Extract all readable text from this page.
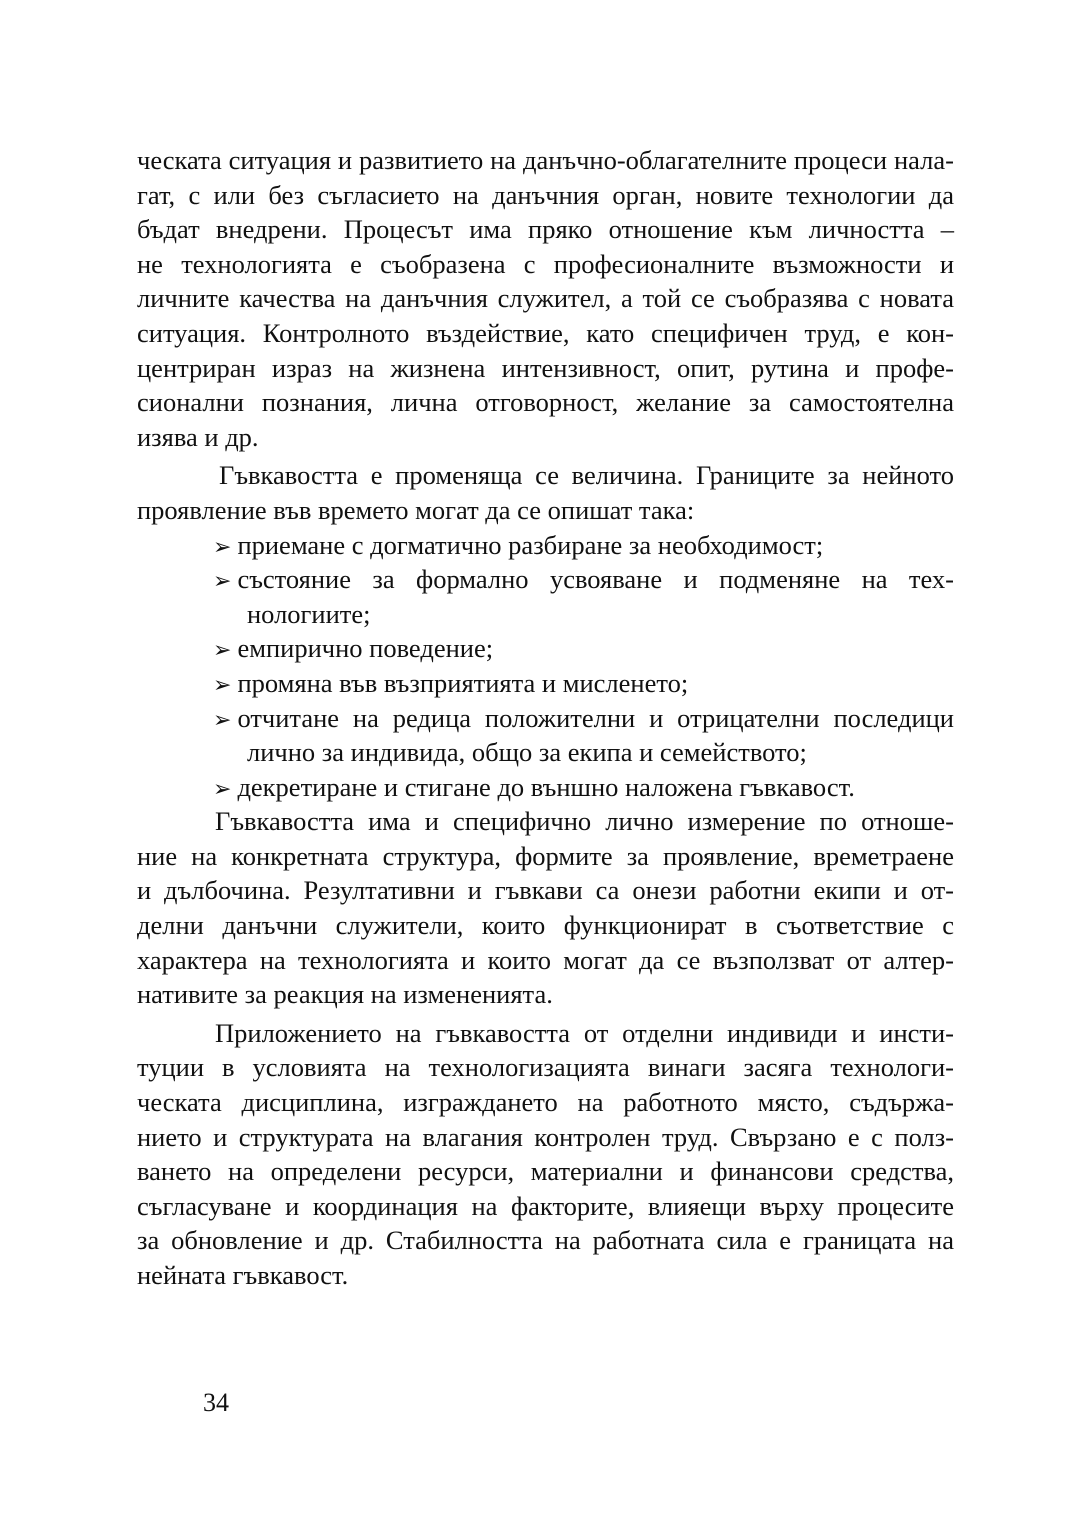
ческата ситуация и развитието на данъчно-облагателните процеси нала-
гат, с или без съгласието на данъчния орган, новите технологии да
бъдат внедрени. Процесът има пряко отношение към личността –
не технологията е съобразена с професионалните възможности и
личните качества на данъчния служител, а той се съобразява с новата
ситуация. Контролното въздействие, като специфичен труд, е кон-
центриран израз на жизнена интензивност, опит, рутина и профе-
сионални познания, лична отговорност, желание за самостоятелна
изява и др.
Гъвкавостта е променяща се величина. Границите за нейното
проявление във времето могат да се опишат така:
➢ приемане с догматично разбиране за необходимост;
➢ състояние за формално усвояване и подменяне на тех-
нологиите;
➢ емпирично поведение;
➢ промяна във възприятията и мисленето;
➢ отчитане на редица положителни и отрицателни последици
лично за индивида, общо за екипа и семейството;
➢ декретиране и стигане до външно наложена гъвкавост.
Гъвкавостта има и специфично лично измерение по отноше-
ние на конкретната структура, формите за проявление, времетраене
и дълбочина. Резултативни и гъвкави са онези работни екипи и от-
делни данъчни служители, които функционират в съответствие с
характера на технологията и които могат да се възползват от алтер-
нативите за реакция на измененията.
Приложението на гъвкавостта от отделни индивиди и инсти-
туции в условията на технологизацията винаги засяга технологи-
ческата дисциплина, изграждането на работното място, съдържа-
нието и структурата на влагания контролен труд. Свързано е с полз-
ването на определени ресурси, материални и финансови средства,
съгласуване и координация на факторите, влияещи върху процесите
за обновление и др. Стабилността на работната сила е границата на
нейната гъвкавост.
34
